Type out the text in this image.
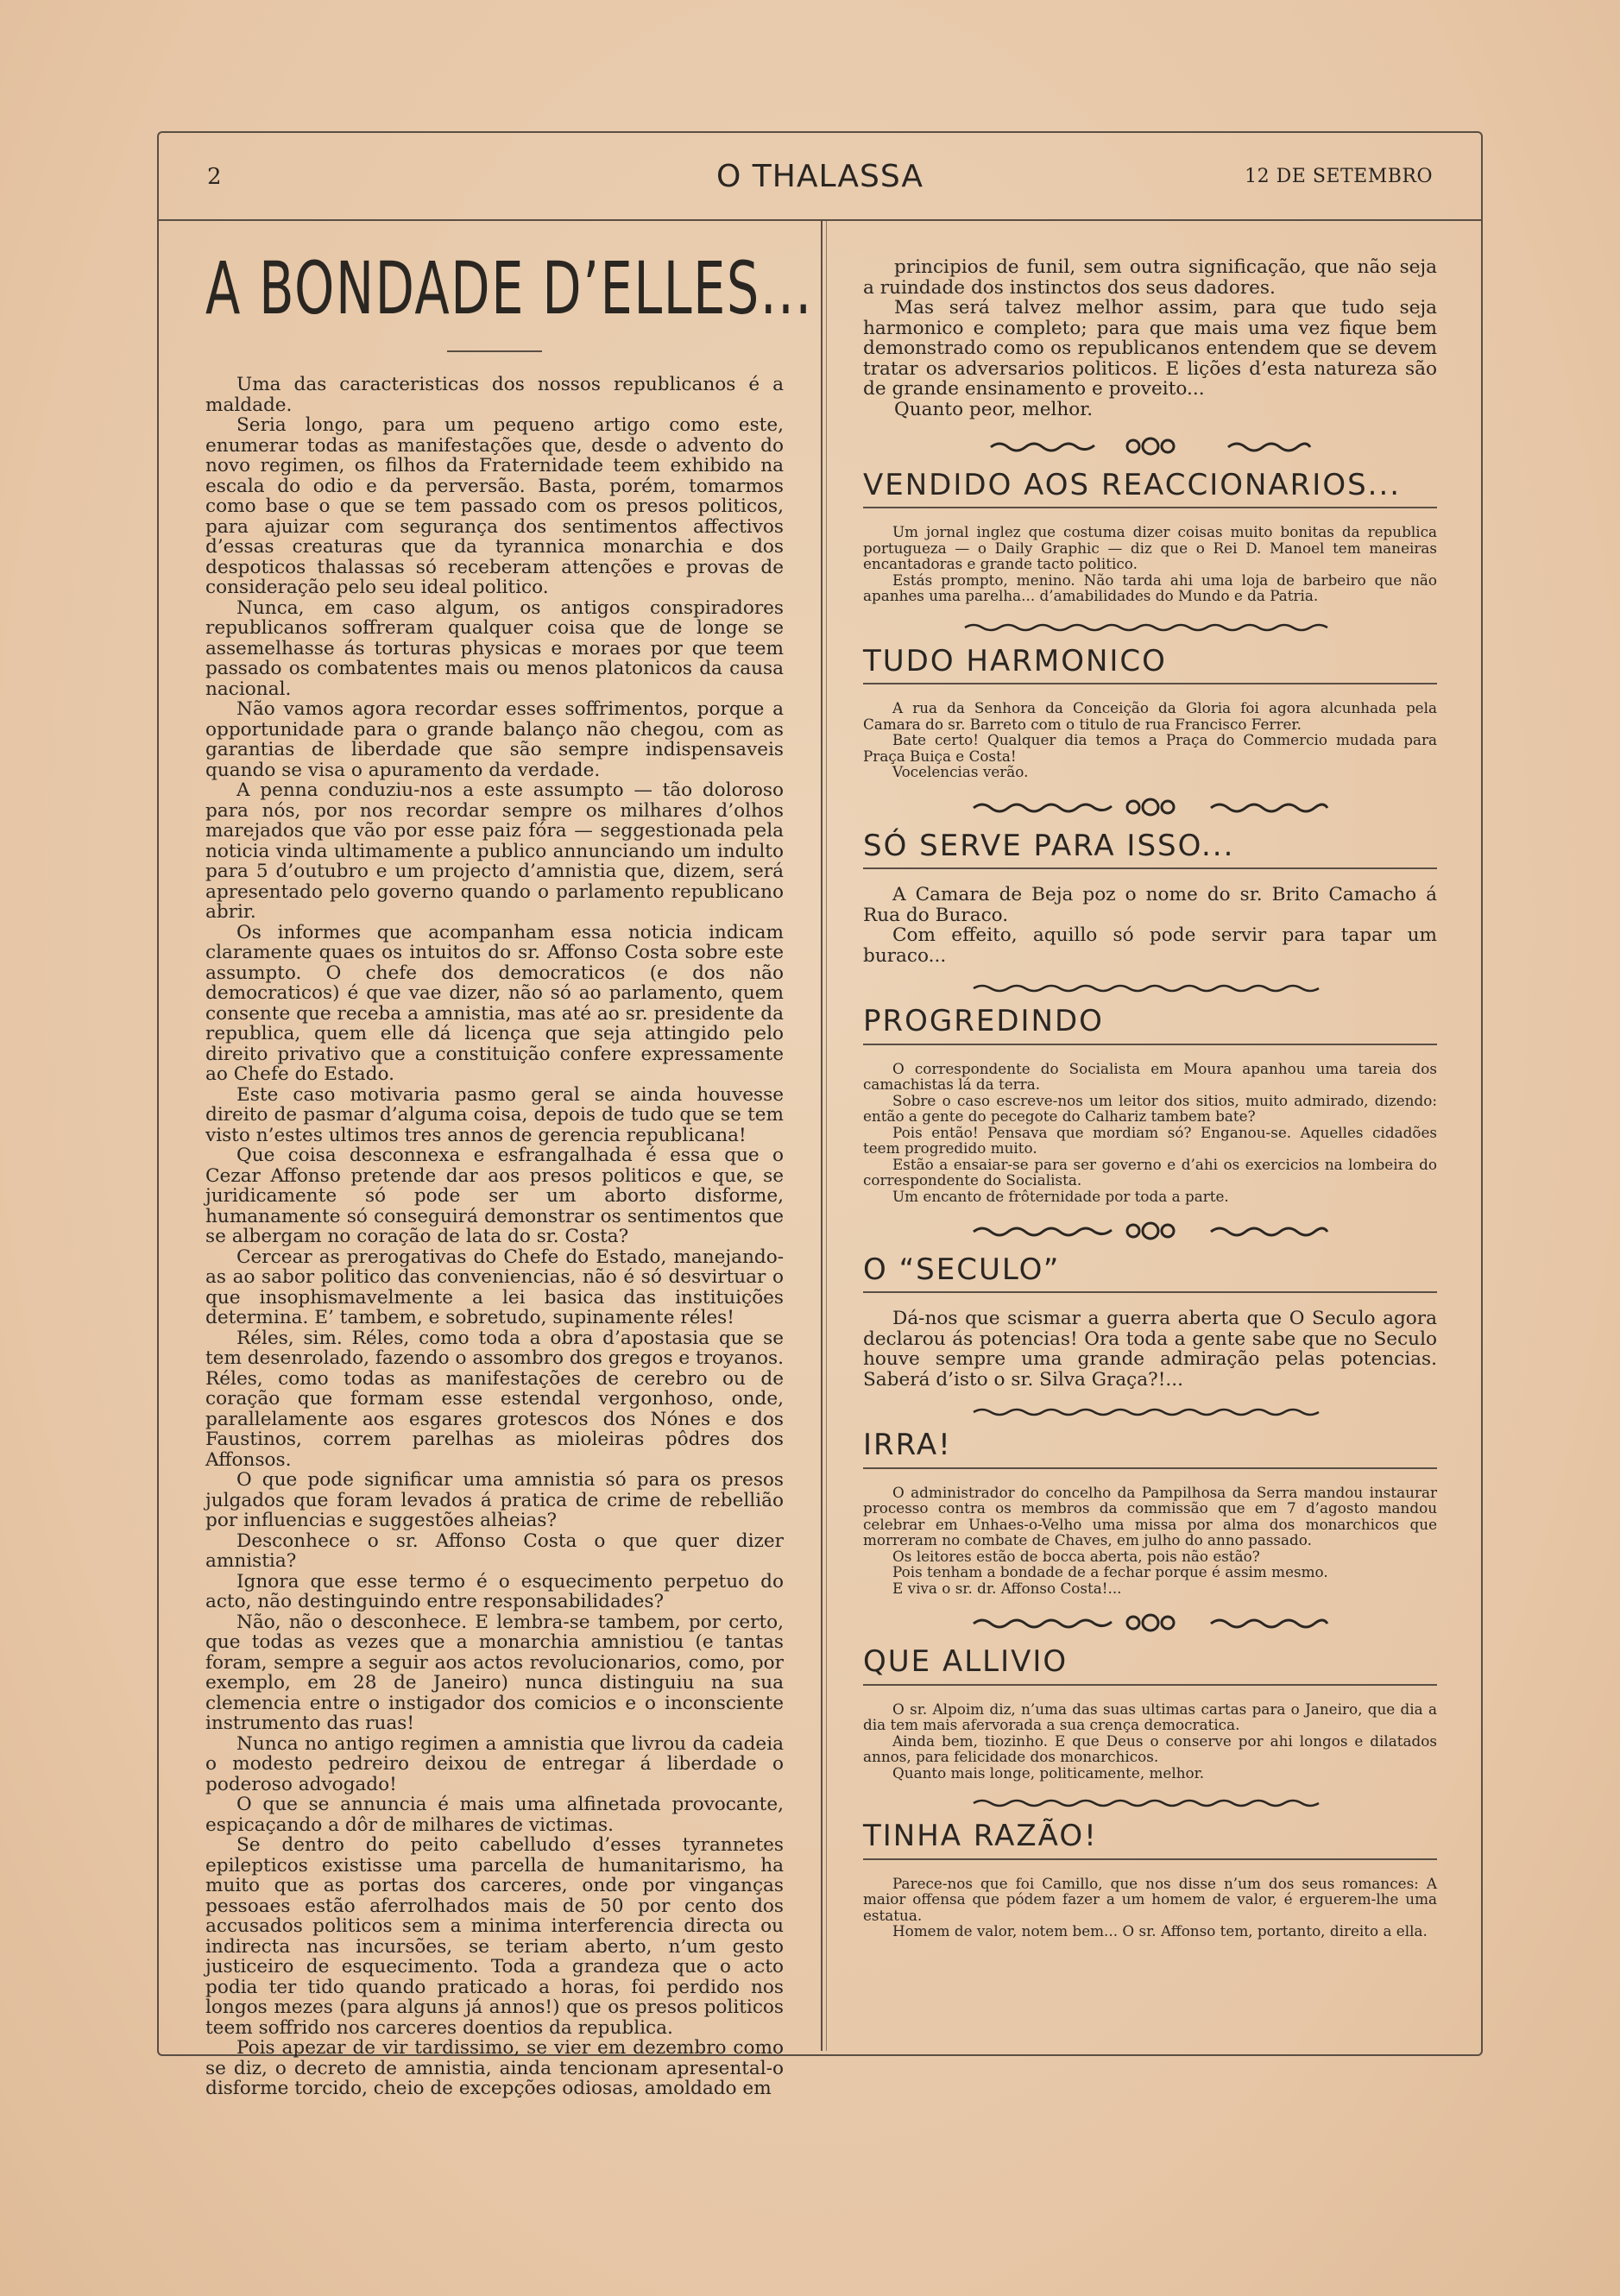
2	O THALASSA	12 DE SETEMBRO
A BONDADE D’ELLES...

Uma das caracteristicas dos nossos republicanos é a maldade.

Seria longo, para um pequeno artigo como este, enumerar todas as manifestações que, desde o advento do novo regimen, os filhos da Fraternidade teem exhibido na escala do odio e da perversão. Basta, porém, tomarmos como base o que se tem passado com os presos politicos, para ajuizar com segurança dos sentimentos affectivos d’essas creaturas que da tyrannica monarchia e dos despoticos thalassas só receberam attenções e provas de consideração pelo seu ideal politico.

Nunca, em caso algum, os antigos conspiradores republicanos soffreram qualquer coisa que de longe se assemelhasse ás torturas physicas e moraes por que teem passado os combatentes mais ou menos platonicos da causa nacional.

Não vamos agora recordar esses soffrimentos, porque a opportunidade para o grande balanço não chegou, com as garantias de liberdade que são sempre indispensaveis quando se visa o apuramento da verdade.

A penna conduziu-nos a este assumpto — tão doloroso para nós, por nos recordar sempre os milhares d’olhos marejados que vão por esse paiz fóra — seggestionada pela noticia vinda ultimamente a publico annunciando um indulto para 5 d’outubro e um projecto d’amnistia que, dizem, será apresentado pelo governo quando o parlamento republicano abrir.

Os informes que acompanham essa noticia indicam claramente quaes os intuitos do sr. Affonso Costa sobre este assumpto. O chefe dos democraticos (e dos não democraticos) é que vae dizer, não só ao parlamento, quem consente que receba a amnistia, mas até ao sr. presidente da republica, quem elle dá licença que seja attingido pelo direito privativo que a constituição confere expressamente ao Chefe do Estado.

Este caso motivaria pasmo geral se ainda houvesse direito de pasmar d’alguma coisa, depois de tudo que se tem visto n’estes ultimos tres annos de gerencia republicana!

Que coisa desconnexa e esfrangalhada é essa que o Cezar Affonso pretende dar aos presos politicos e que, se juridicamente só pode ser um aborto disforme, humanamente só conseguirá demonstrar os sentimentos que se albergam no coração de lata do sr. Costa?

Cercear as prerogativas do Chefe do Estado, manejando-as ao sabor politico das conveniencias, não é só desvirtuar o que insophismavelmente a lei basica das instituições determina. E’ tambem, e sobretudo, supinamente réles!

Réles, sim. Réles, como toda a obra d’apostasia que se tem desenrolado, fazendo o assombro dos gregos e troyanos. Réles, como todas as manifestações de cerebro ou de coração que formam esse estendal vergonhoso, onde, parallelamente aos esgares grotescos dos Nónes e dos Faustinos, correm parelhas as mioleiras pôdres dos Affonsos.

O que pode significar uma amnistia só para os presos julgados que foram levados á pratica de crime de rebellião por influencias e suggestões alheias?

Desconhece o sr. Affonso Costa o que quer dizer amnistia?

Ignora que esse termo é o esquecimento perpetuo do acto, não destinguindo entre responsabilidades?

Não, não o desconhece. E lembra-se tambem, por certo, que todas as vezes que a monarchia amnistiou (e tantas foram, sempre a seguir aos actos revolucionarios, como, por exemplo, em 28 de Janeiro) nunca distinguiu na sua clemencia entre o instigador dos comicios e o inconsciente instrumento das ruas!

Nunca no antigo regimen a amnistia que livrou da cadeia o modesto pedreiro deixou de entregar á liberdade o poderoso advogado!

O que se annuncia é mais uma alfinetada provocante, espicaçando a dôr de milhares de victimas.

Se dentro do peito cabelludo d’esses tyrannetes epilepticos existisse uma parcella de humanitarismo, ha muito que as portas dos carceres, onde por vinganças pessoaes estão aferrolhados mais de 50 por cento dos accusados politicos sem a minima interferencia directa ou indirecta nas incursões, se teriam aberto, n’um gesto justiceiro de esquecimento. Toda a grandeza que o acto podia ter tido quando praticado a horas, foi perdido nos longos mezes (para alguns já annos!) que os presos politicos teem soffrido nos carceres doentios da republica.

Pois apezar de vir tardissimo, se vier em dezembro como se diz, o decreto de amnistia, ainda tencionam apresental-o disforme torcido, cheio de excepções odiosas, amoldado em

principios de funil, sem outra significação, que não seja a ruindade dos instinctos dos seus dadores.

Mas será talvez melhor assim, para que tudo seja harmonico e completo; para que mais uma vez fique bem demonstrado como os republicanos entendem que se devem tratar os adversarios politicos. E lições d’esta natureza são de grande ensinamento e proveito...

Quanto peor, melhor.

VENDIDO AOS REACCIONARIOS...

Um jornal inglez que costuma dizer coisas muito bonitas da republica portugueza — o Daily Graphic — diz que o Rei D. Manoel tem maneiras encantadoras e grande tacto politico.

Estás prompto, menino. Não tarda ahi uma loja de barbeiro que não apanhes uma parelha... d’amabilidades do Mundo e da Patria.

TUDO HARMONICO

A rua da Senhora da Conceição da Gloria foi agora alcunhada pela Camara do sr. Barreto com o titulo de rua Francisco Ferrer.

Bate certo! Qualquer dia temos a Praça do Commercio mudada para Praça Buiça e Costa!

Vocelencias verão.

SÓ SERVE PARA ISSO...

A Camara de Beja poz o nome do sr. Brito Camacho á Rua do Buraco.

Com effeito, aquillo só pode servir para tapar um buraco...

PROGREDINDO

O correspondente do Socialista em Moura apanhou uma tareia dos camachistas lá da terra.

Sobre o caso escreve-nos um leitor dos sitios, muito admirado, dizendo: então a gente do pecegote do Calhariz tambem bate?

Pois então! Pensava que mordiam só? Enganou-se. Aquelles cidadões teem progredido muito.

Estão a ensaiar-se para ser governo e d’ahi os exercicios na lombeira do correspondente do Socialista.

Um encanto de frôternidade por toda a parte.

O “SECULO”

Dá-nos que scismar a guerra aberta que O Seculo agora declarou ás potencias! Ora toda a gente sabe que no Seculo houve sempre uma grande admiração pelas potencias. Saberá d’isto o sr. Silva Graça?!...

IRRA!

O administrador do concelho da Pampilhosa da Serra mandou instaurar processo contra os membros da commissão que em 7 d’agosto mandou celebrar em Unhaes-o-Velho uma missa por alma dos monarchicos que morreram no combate de Chaves, em julho do anno passado.

Os leitores estão de bocca aberta, pois não estão?

Pois tenham a bondade de a fechar porque é assim mesmo.

E viva o sr. dr. Affonso Costa!...

QUE ALLIVIO

O sr. Alpoim diz, n’uma das suas ultimas cartas para o Janeiro, que dia a dia tem mais afervorada a sua crença democratica.

Ainda bem, tiozinho. E que Deus o conserve por ahi longos e dilatados annos, para felicidade dos monarchicos.

Quanto mais longe, politicamente, melhor.

TINHA RAZÃO!

Parece-nos que foi Camillo, que nos disse n’um dos seus romances: A maior offensa que pódem fazer a um homem de valor, é erguerem-lhe uma estatua.

Homem de valor, notem bem... O sr. Affonso tem, portanto, direito a ella.
